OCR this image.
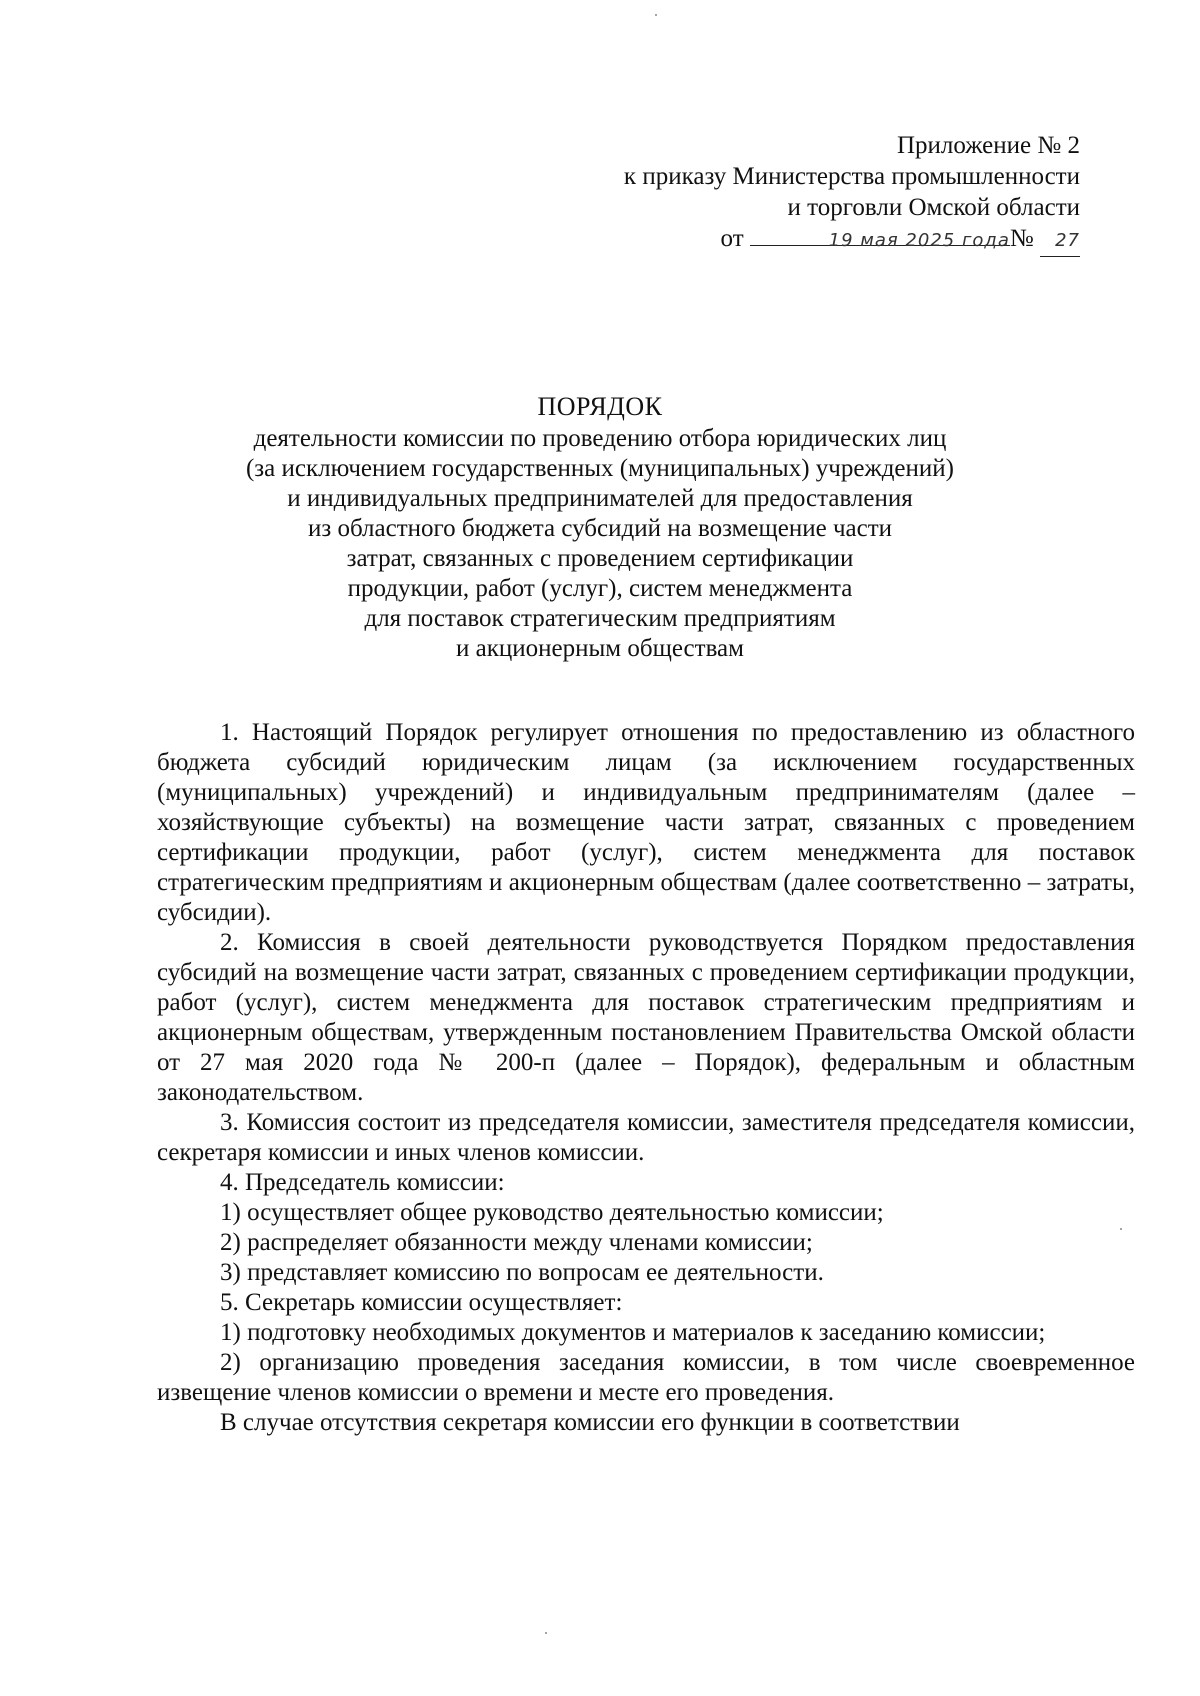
Приложение № 2
к приказу Министерства промышленности
и торговли Омской области
от	19 мая 2025 года№ 27
ПОРЯДОК
деятельности комиссии по проведению отбора юридических лиц
(за исключением государственных (муниципальных) учреждений)
и индивидуальных предпринимателей для предоставления
из областного бюджета субсидий на возмещение части
затрат, связанных с проведением сертификации
продукции, работ (услуг), систем менеджмента
для поставок стратегическим предприятиям
и акционерным обществам

1. Настоящий Порядок регулирует отношения по предоставлению из областного бюджета субсидий юридическим лицам (за исключением государственных (муниципальных) учреждений) и индивидуальным предпринимателям (далее – хозяйствующие субъекты) на возмещение части затрат, связанных с проведением сертификации продукции, работ (услуг), систем менеджмента для поставок стратегическим предприятиям и акционерным обществам (далее соответственно – затраты, субсидии).

2. Комиссия в своей деятельности руководствуется Порядком предоставления субсидий на возмещение части затрат, связанных с проведением сертификации продукции, работ (услуг), систем менеджмента для поставок стратегическим предприятиям и акционерным обществам, утвержденным постановлением Правительства Омской области от 27 мая 2020 года № 200-п (далее – Порядок), федеральным и областным законодательством.

3. Комиссия состоит из председателя комиссии, заместителя председателя комиссии, секретаря комиссии и иных членов комиссии.

4. Председатель комиссии:

1) осуществляет общее руководство деятельностью комиссии;

2) распределяет обязанности между членами комиссии;

3) представляет комиссию по вопросам ее деятельности.

5. Секретарь комиссии осуществляет:

1) подготовку необходимых документов и материалов к заседанию комиссии;

2) организацию проведения заседания комиссии, в том числе своевременное извещение членов комиссии о времени и месте его проведения.

В случае отсутствия секретаря комиссии его функции в соответствии
